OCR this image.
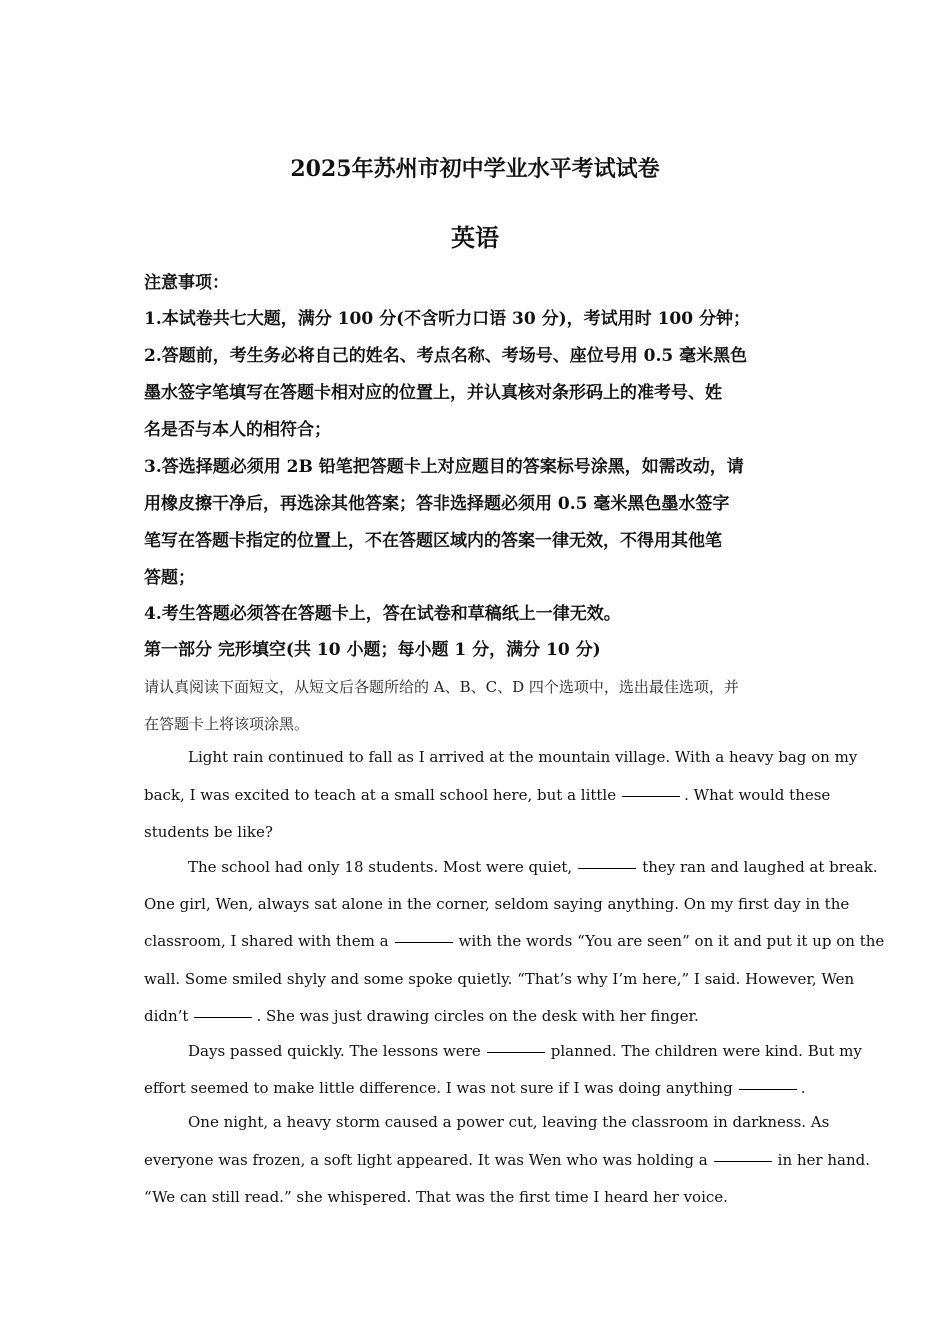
2025年苏州市初中学业水平考试试卷
英语
注意事项：
1.本试卷共七大题，满分 100 分(不含听力口语 30 分)，考试用时 100 分钟；
2.答题前，考生务必将自己的姓名、考点名称、考场号、座位号用 0.5 毫米黑色
墨水签字笔填写在答题卡相对应的位置上，并认真核对条形码上的准考号、姓
名是否与本人的相符合；
3.答选择题必须用 2B 铅笔把答题卡上对应题目的答案标号涂黑，如需改动，请
用橡皮擦干净后，再选涂其他答案；答非选择题必须用 0.5 毫米黑色墨水签字
笔写在答题卡指定的位置上，不在答题区域内的答案一律无效，不得用其他笔
答题；
4.考生答题必须答在答题卡上，答在试卷和草稿纸上一律无效。
第一部分 完形填空(共 10 小题；每小题 1 分，满分 10 分)
请认真阅读下面短文，从短文后各题所给的 A、B、C、D 四个选项中，选出最佳选项，并
在答题卡上将该项涂黑。
Light rain continued to fall as I arrived at the mountain village. With a heavy bag on my
back, I was excited to teach at a small school here, but a little	. What would these
students be like?
The school had only 18 students. Most were quiet,	they ran and laughed at break.
One girl, Wen, always sat alone in the corner, seldom saying anything. On my first day in the
classroom, I shared with them a	with the words “You are seen” on it and put it up on the
wall. Some smiled shyly and some spoke quietly. “That’s why I’m here,” I said. However, Wen
didn’t	. She was just drawing circles on the desk with her finger.
Days passed quickly. The lessons were	planned. The children were kind. But my
effort seemed to make little difference. I was not sure if I was doing anything	.
One night, a heavy storm caused a power cut, leaving the classroom in darkness. As
everyone was frozen, a soft light appeared. It was Wen who was holding a	in her hand.
“We can still read.” she whispered. That was the first time I heard her voice.
